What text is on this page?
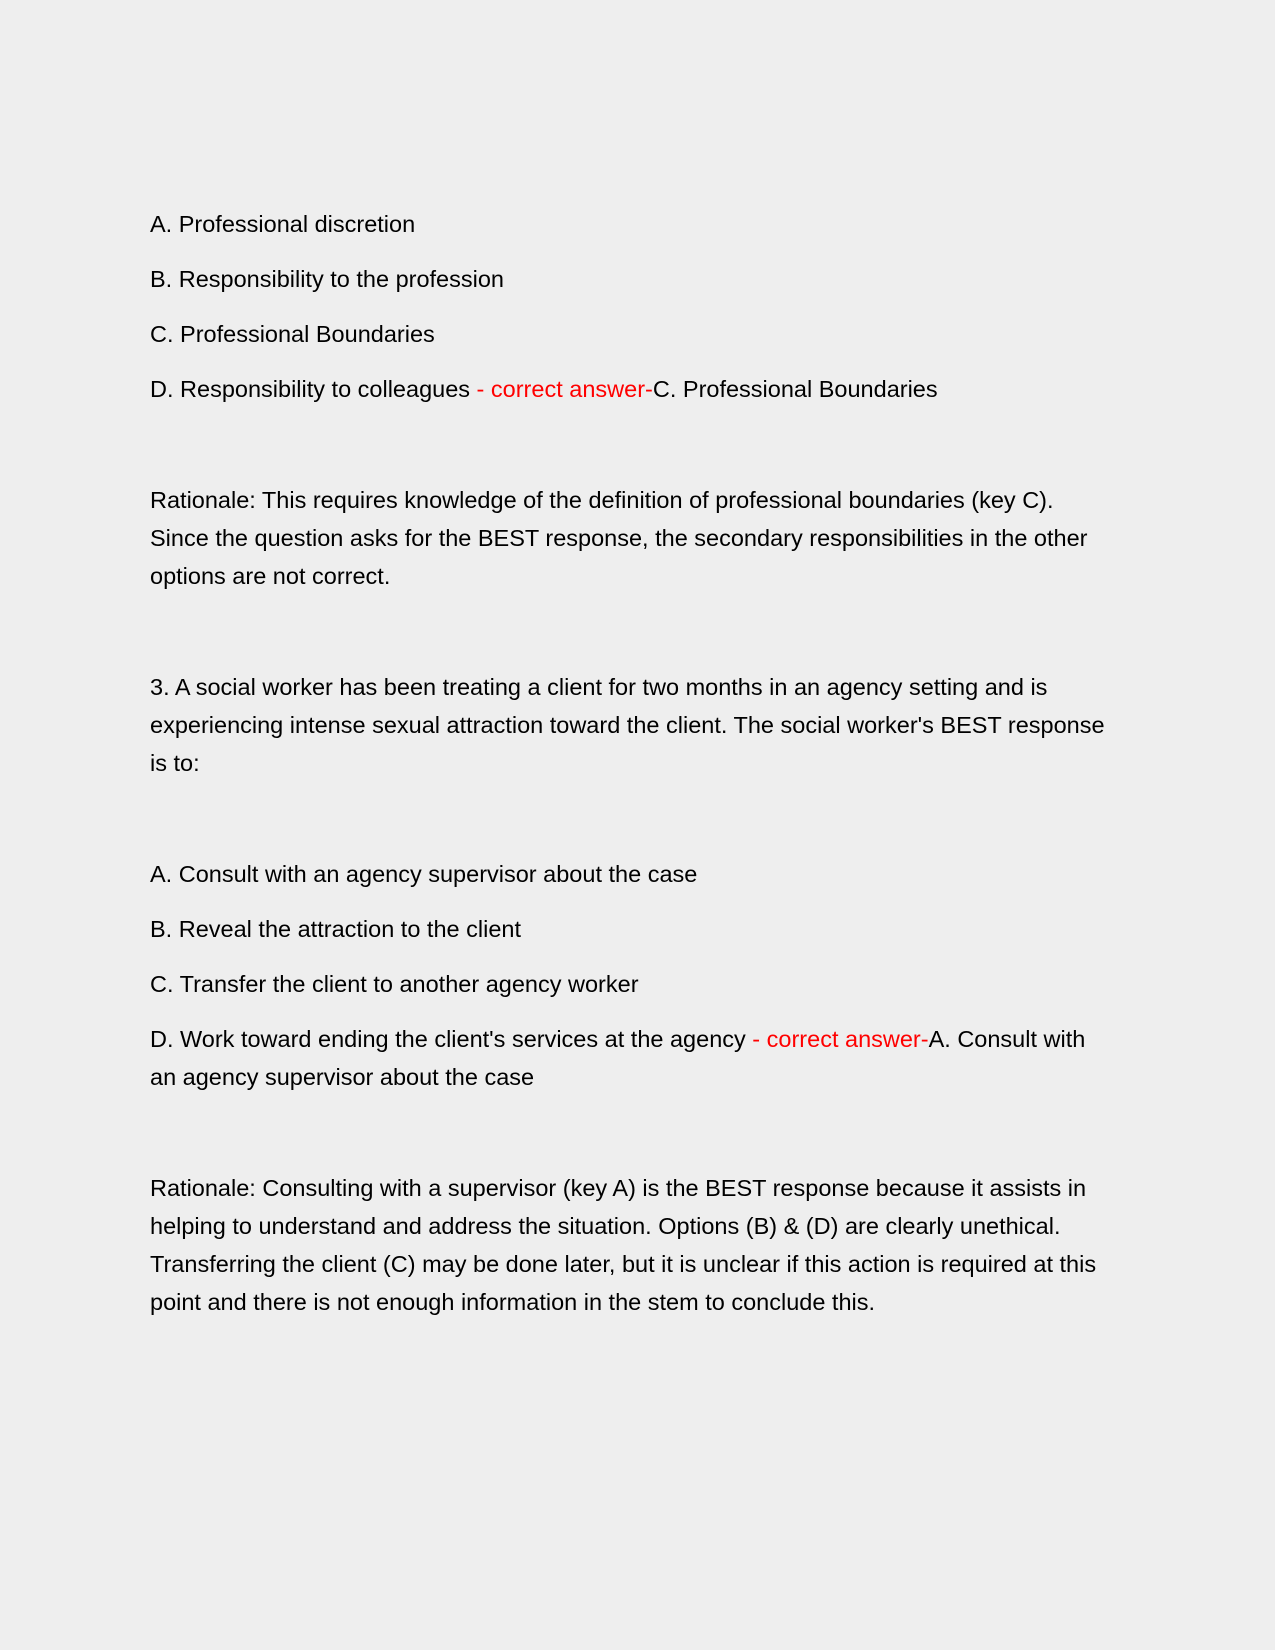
A. Professional discretion
B. Responsibility to the profession
C. Professional Boundaries
D. Responsibility to colleagues - correct answer-C. Professional Boundaries
Rationale: This requires knowledge of the definition of professional boundaries (key C). Since the question asks for the BEST response, the secondary responsibilities in the other options are not correct.
3. A social worker has been treating a client for two months in an agency setting and is experiencing intense sexual attraction toward the client. The social worker's BEST response is to:
A. Consult with an agency supervisor about the case
B. Reveal the attraction to the client
C. Transfer the client to another agency worker
D. Work toward ending the client's services at the agency - correct answer-A. Consult with an agency supervisor about the case
Rationale: Consulting with a supervisor (key A) is the BEST response because it assists in helping to understand and address the situation. Options (B) & (D) are clearly unethical. Transferring the client (C) may be done later, but it is unclear if this action is required at this point and there is not enough information in the stem to conclude this.
